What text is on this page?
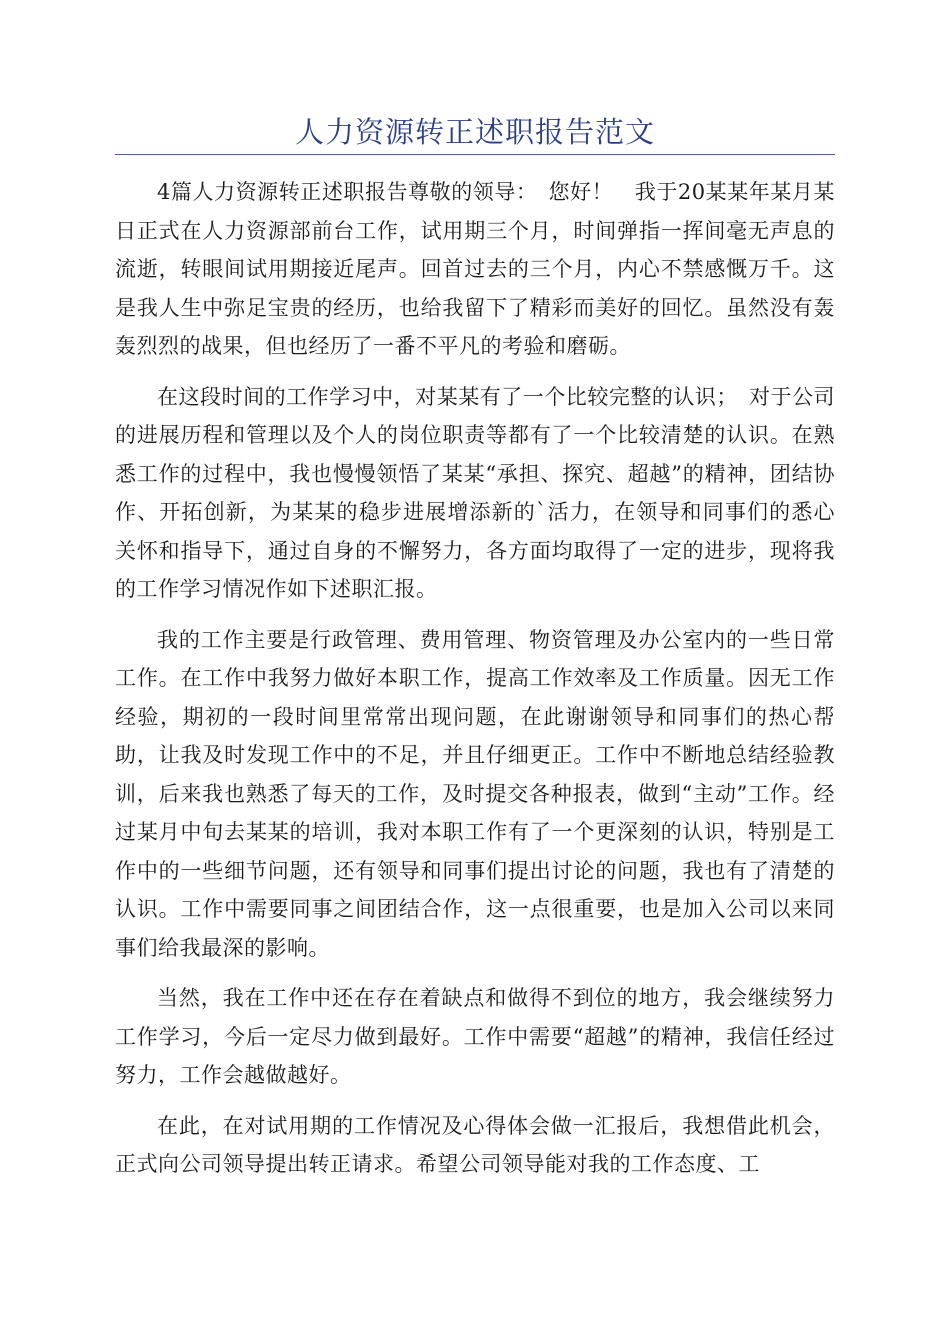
人力资源转正述职报告范文

4篇人力资源转正述职报告尊敬的领导：　您好！　我于20某某年某月某日正式在人力资源部前台工作，试用期三个月，时间弹指一挥间毫无声息的流逝，转眼间试用期接近尾声。回首过去的三个月，内心不禁感慨万千。这是我人生中弥足宝贵的经历，也给我留下了精彩而美好的回忆。虽然没有轰轰烈烈的战果，但也经历了一番不平凡的考验和磨砺。

在这段时间的工作学习中，对某某有了一个比较完整的认识；　对于公司的进展历程和管理以及个人的岗位职责等都有了一个比较清楚的认识。在熟悉工作的过程中，我也慢慢领悟了某某“承担、探究、超越”的精神，团结协作、开拓创新，为某某的稳步进展增添新的`活力，在领导和同事们的悉心关怀和指导下，通过自身的不懈努力，各方面均取得了一定的进步，现将我的工作学习情况作如下述职汇报。

我的工作主要是行政管理、费用管理、物资管理及办公室内的一些日常工作。在工作中我努力做好本职工作，提高工作效率及工作质量。因无工作经验，期初的一段时间里常常出现问题，在此谢谢领导和同事们的热心帮助，让我及时发现工作中的不足，并且仔细更正。工作中不断地总结经验教训，后来我也熟悉了每天的工作，及时提交各种报表，做到“主动”工作。经过某月中旬去某某的培训，我对本职工作有了一个更深刻的认识，特别是工作中的一些细节问题，还有领导和同事们提出讨论的问题，我也有了清楚的认识。工作中需要同事之间团结合作，这一点很重要，也是加入公司以来同事们给我最深的影响。

当然，我在工作中还在存在着缺点和做得不到位的地方，我会继续努力工作学习，今后一定尽力做到最好。工作中需要“超越”的精神，我信任经过努力，工作会越做越好。

在此，在对试用期的工作情况及心得体会做一汇报后，我想借此机会，正式向公司领导提出转正请求。希望公司领导能对我的工作态度、工
